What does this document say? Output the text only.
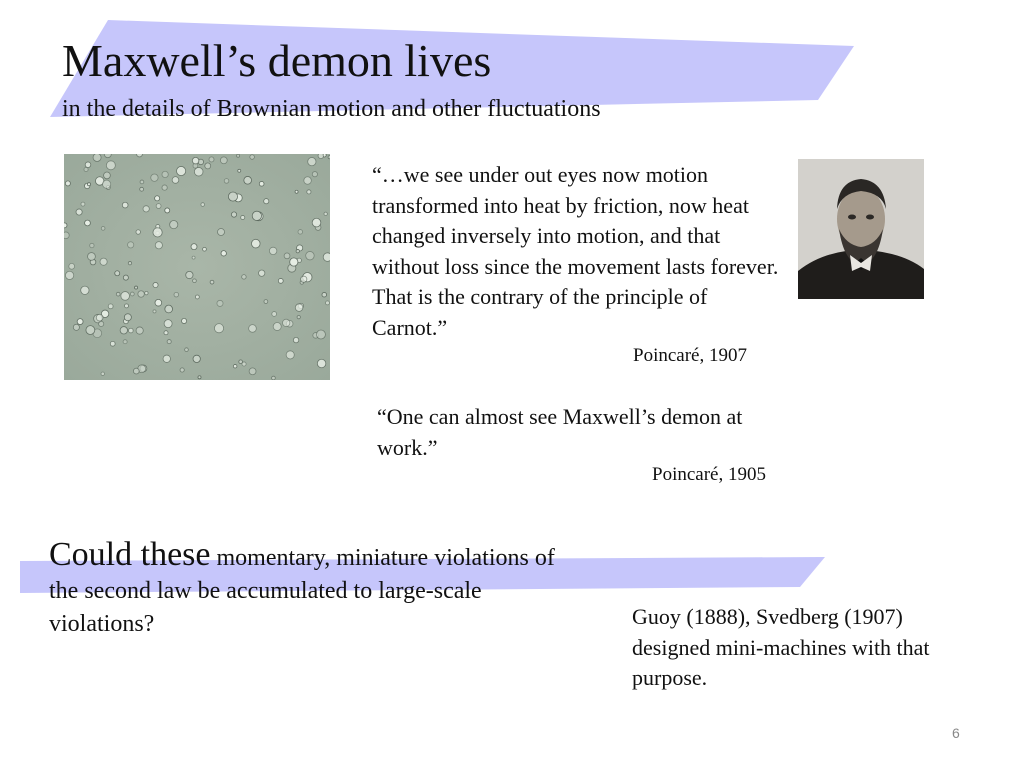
Maxwell’s demon lives
in the details of Brownian motion and other fluctuations
“…we see under out eyes now motion transformed into heat by friction, now heat changed inversely into motion, and that without loss since the movement lasts forever. That is the contrary of the principle of Carnot.”
Poincaré, 1907
“One can almost see Maxwell’s demon at work.”
Poincaré, 1905
Could these momentary, miniature violations of the second law be accumulated to large-scale violations?	Guoy (1888), Svedberg (1907) designed mini-machines with that purpose.
6
